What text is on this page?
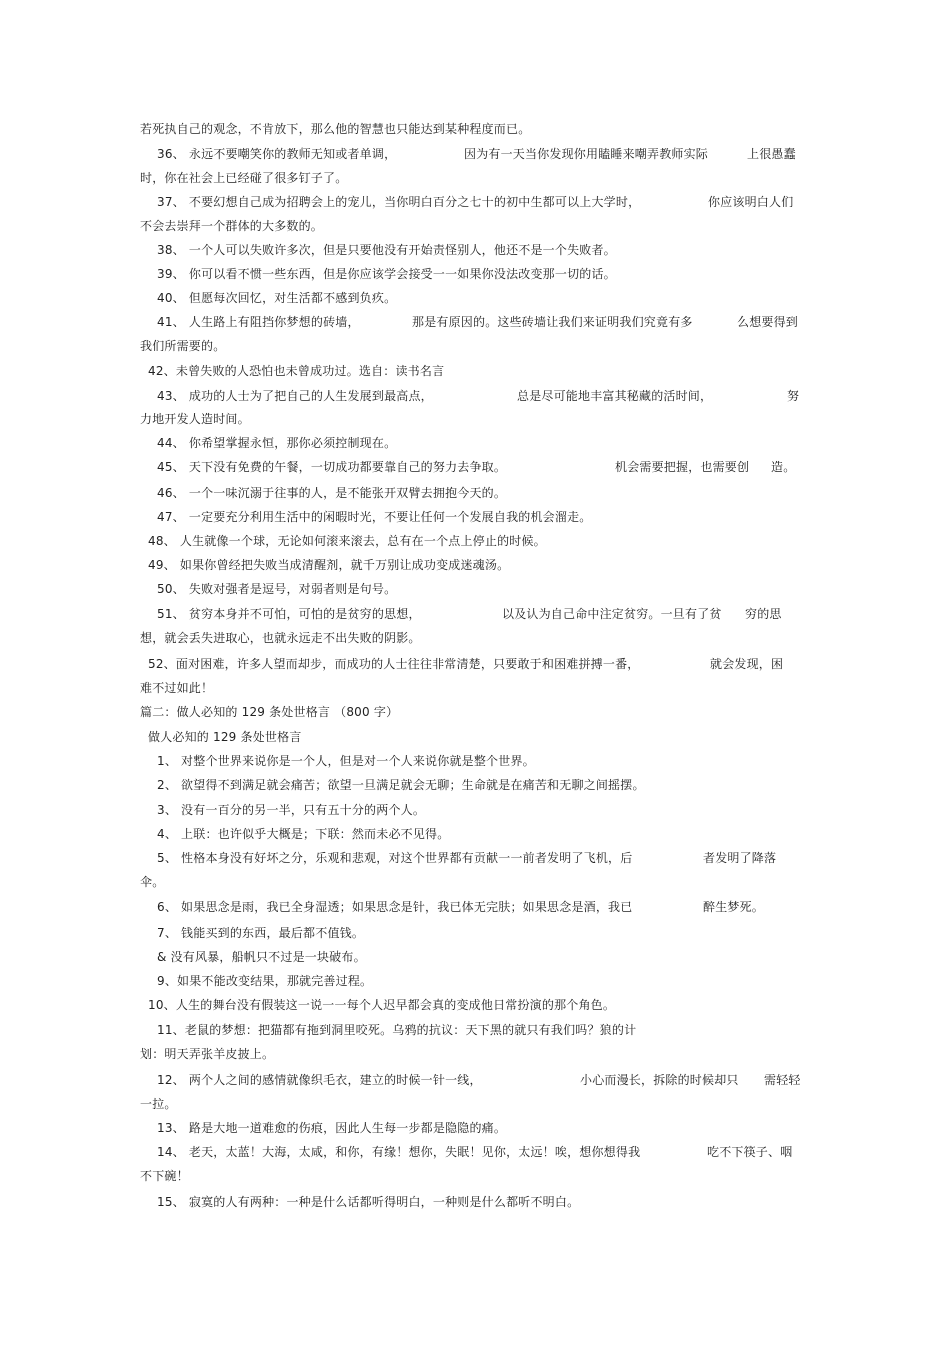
若死执自己的观念，不肯放下，那么他的智慧也只能达到某种程度而已。
36、 永远不要嘲笑你的教师无知或者单调，	因为有一天当你发现你用瞌睡来嘲弄教师实际	上很愚蠢
时，你在社会上已经碰了很多钉子了。
37、 不要幻想自己成为招聘会上的宠儿，当你明白百分之七十的初中生都可以上大学时，	你应该明白人们
不会去崇拜一个群体的大多数的。
38、 一个人可以失败许多次，但是只要他没有开始责怪别人，他还不是一个失败者。
39、 你可以看不惯一些东西，但是你应该学会接受一一如果你没法改变那一切的话。
40、 但愿每次回忆，对生活都不感到负疚。
41、 人生路上有阻挡你梦想的砖墙，	那是有原因的。这些砖墙让我们来证明我们究竟有多	么想要得到
我们所需要的。
42、未曾失败的人恐怕也未曾成功过。选自：读书名言
43、 成功的人士为了把自己的人生发展到最高点，	总是尽可能地丰富其秘藏的活时间，	努
力地开发人造时间。
44、 你希望掌握永恒，那你必须控制现在。
45、 天下没有免费的午餐，一切成功都要靠自己的努力去争取。	机会需要把握，也需要创 造。
46、 一个一味沉溺于往事的人，是不能张开双臂去拥抱今天的。
47、 一定要充分利用生活中的闲暇时光，不要让任何一个发展自我的机会溜走。
48、 人生就像一个球，无论如何滚来滚去，总有在一个点上停止的时候。
49、 如果你曾经把失败当成清醒剂，就千万别让成功变成迷魂汤。
50、 失败对强者是逗号，对弱者则是句号。
51、 贫穷本身并不可怕，可怕的是贫穷的思想，	以及认为自己命中注定贫穷。一旦有了贫 穷的思
想，就会丢失进取心，也就永远走不出失败的阴影。
52、面对困难，许多人望而却步，而成功的人士往往非常清楚，只要敢于和困难拼搏一番，	就会发现，困
难不过如此！
篇二：做人必知的 129 条处世格言 （800 字）
做人必知的 129 条处世格言
1、 对整个世界来说你是一个人，但是对一个人来说你就是整个世界。
2、 欲望得不到满足就会痛苦；欲望一旦满足就会无聊；生命就是在痛苦和无聊之间摇摆。
3、 没有一百分的另一半，只有五十分的两个人。
4、 上联：也许似乎大概是；下联：然而未必不见得。
5、 性格本身没有好坏之分，乐观和悲观，对这个世界都有贡献一一前者发明了飞机，后	者发明了降落
伞。
6、 如果思念是雨，我已全身湿透；如果思念是针，我已体无完肤；如果思念是酒，我已	醉生梦死。
7、 钱能买到的东西，最后都不值钱。
& 没有风暴，船帆只不过是一块破布。
9、如果不能改变结果，那就完善过程。
10、人生的舞台没有假装这一说一一每个人迟早都会真的变成他日常扮演的那个角色。
11、老鼠的梦想：把猫都有拖到洞里咬死。乌鸦的抗议：天下黑的就只有我们吗？狼的计
划：明天弄张羊皮披上。
12、 两个人之间的感情就像织毛衣，建立的时候一针一线，	小心而漫长，拆除的时候却只 需轻轻
一拉。
13、 路是大地一道难愈的伤痕，因此人生每一步都是隐隐的痛。
14、 老天，太蓝！大海，太咸，和你，有缘！想你，失眠！见你，太远！唉，想你想得我	吃不下筷子、咽
不下碗！
15、 寂寞的人有两种：一种是什么话都听得明白，一种则是什么都听不明白。
